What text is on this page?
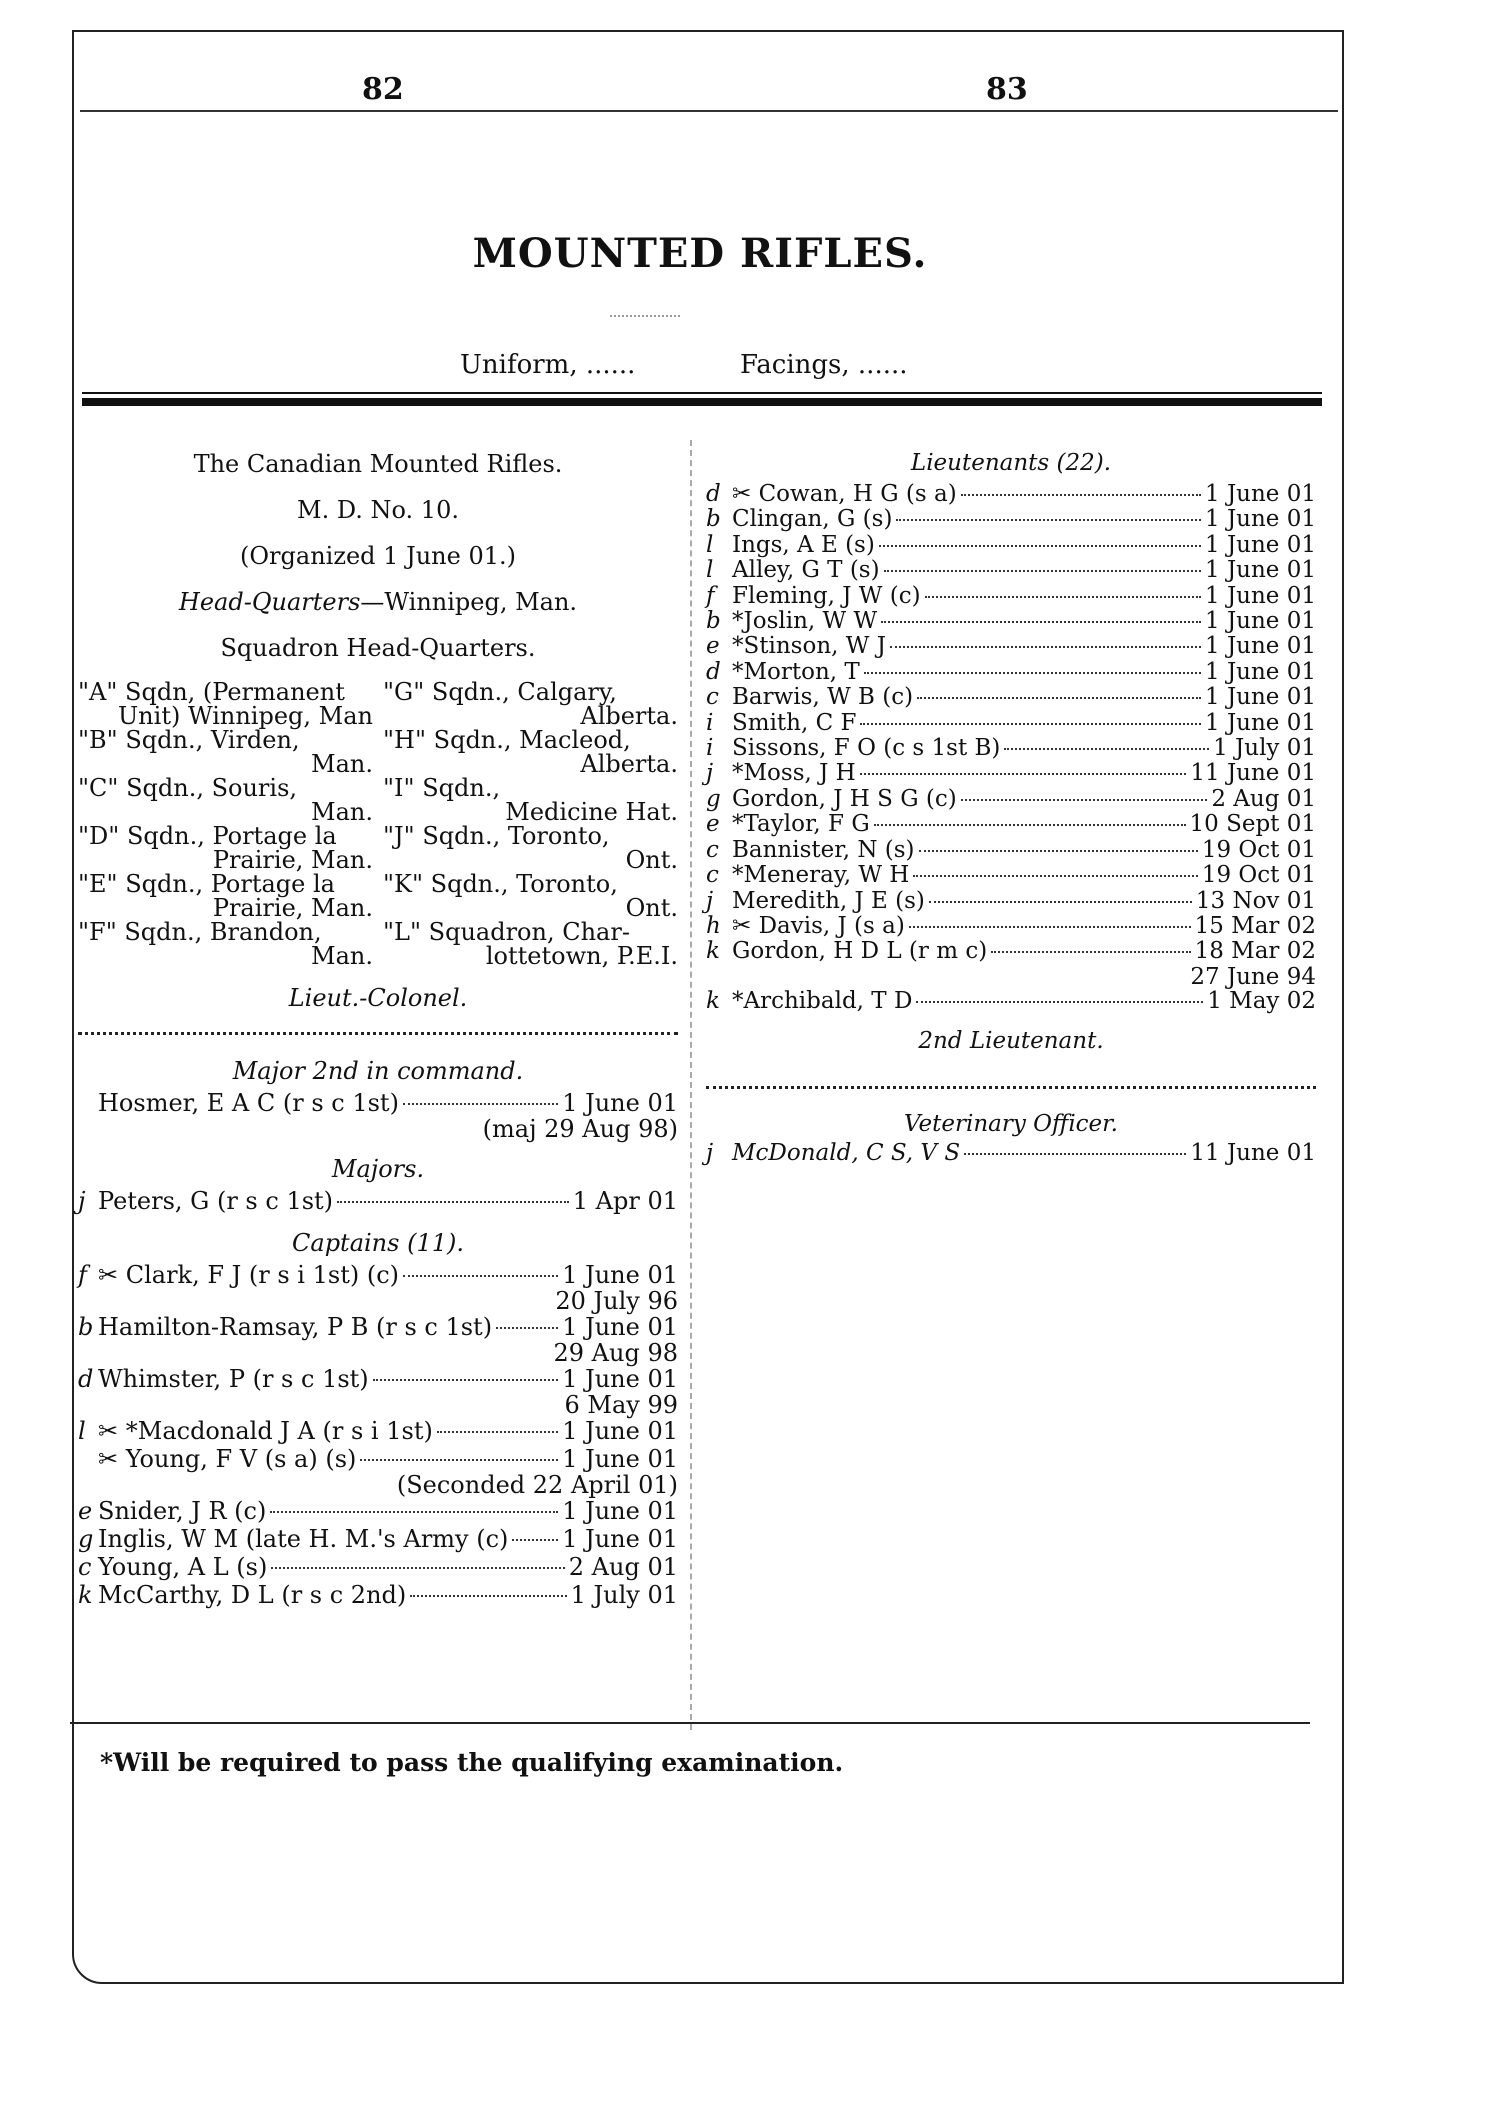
82	83
MOUNTED RIFLES.
Uniform, ......	Facings, ......
The Canadian Mounted Rifles.
M. D. No. 10.
(Organized 1 June 01.)
Head-Quarters—Winnipeg, Man.
Squadron Head-Quarters.
"A" Sqdn, (Permanent	"G" Sqdn., Calgary,
Unit) Winnipeg, Man	Alberta.
"B" Sqdn., Virden,	"H" Sqdn., Macleod,
Man.	Alberta.
"C" Sqdn., Souris,	"I" Sqdn.,
Man.	Medicine Hat.
"D" Sqdn., Portage la	"J" Sqdn., Toronto,
Prairie, Man.	Ont.
"E" Sqdn., Portage la	"K" Sqdn., Toronto,
Prairie, Man.	Ont.
"F" Sqdn., Brandon,	"L" Squadron, Char-
Man.	lottetown, P.E.I.
Lieut.-Colonel.
Major 2nd in command.
Hosmer, E A C (r s c 1st)	1 June 01
(maj 29 Aug 98)
Majors.
j Peters, G (r s c 1st)	1 Apr 01
Captains (11).
f ✂ Clark, F J (r s i 1st) (c)	1 June 01
20 July 96
b Hamilton-Ramsay, P B (r s c 1st)	1 June 01
29 Aug 98
d Whimster, P (r s c 1st)	1 June 01
6 May 99
l ✂ *Macdonald J A (r s i 1st)	1 June 01
✂ Young, F V (s a) (s)	1 June 01
(Seconded 22 April 01)
e Snider, J R (c)	1 June 01
g Inglis, W M (late H. M.'s Army (c) 1 June 01
c Young, A L (s)	2 Aug 01
k McCarthy, D L (r s c 2nd)	1 July 01
Lieutenants (22).
d ✂ Cowan, H G (s a)	1 June 01
b Clingan, G (s)	1 June 01
l Ings, A E (s)	1 June 01
l Alley, G T (s)	1 June 01
f Fleming, J W (c)	1 June 01
b *Joslin, W W	1 June 01
e *Stinson, W J	1 June 01
d *Morton, T	1 June 01
c Barwis, W B (c)	1 June 01
i Smith, C F	1 June 01
i Sissons, F O (c s 1st B)	1 July 01
j *Moss, J H	11 June 01
g Gordon, J H S G (c)	2 Aug 01
e *Taylor, F G	10 Sept 01
c Bannister, N (s)	19 Oct 01
c *Meneray, W H	19 Oct 01
j Meredith, J E (s)	13 Nov 01
h ✂ Davis, J (s a)	15 Mar 02
k Gordon, H D L (r m c)	18 Mar 02
27 June 94
k *Archibald, T D	1 May 02
2nd Lieutenant.
Veterinary Officer.
j McDonald, C S, V S	11 June 01
*Will be required to pass the qualifying examination.
